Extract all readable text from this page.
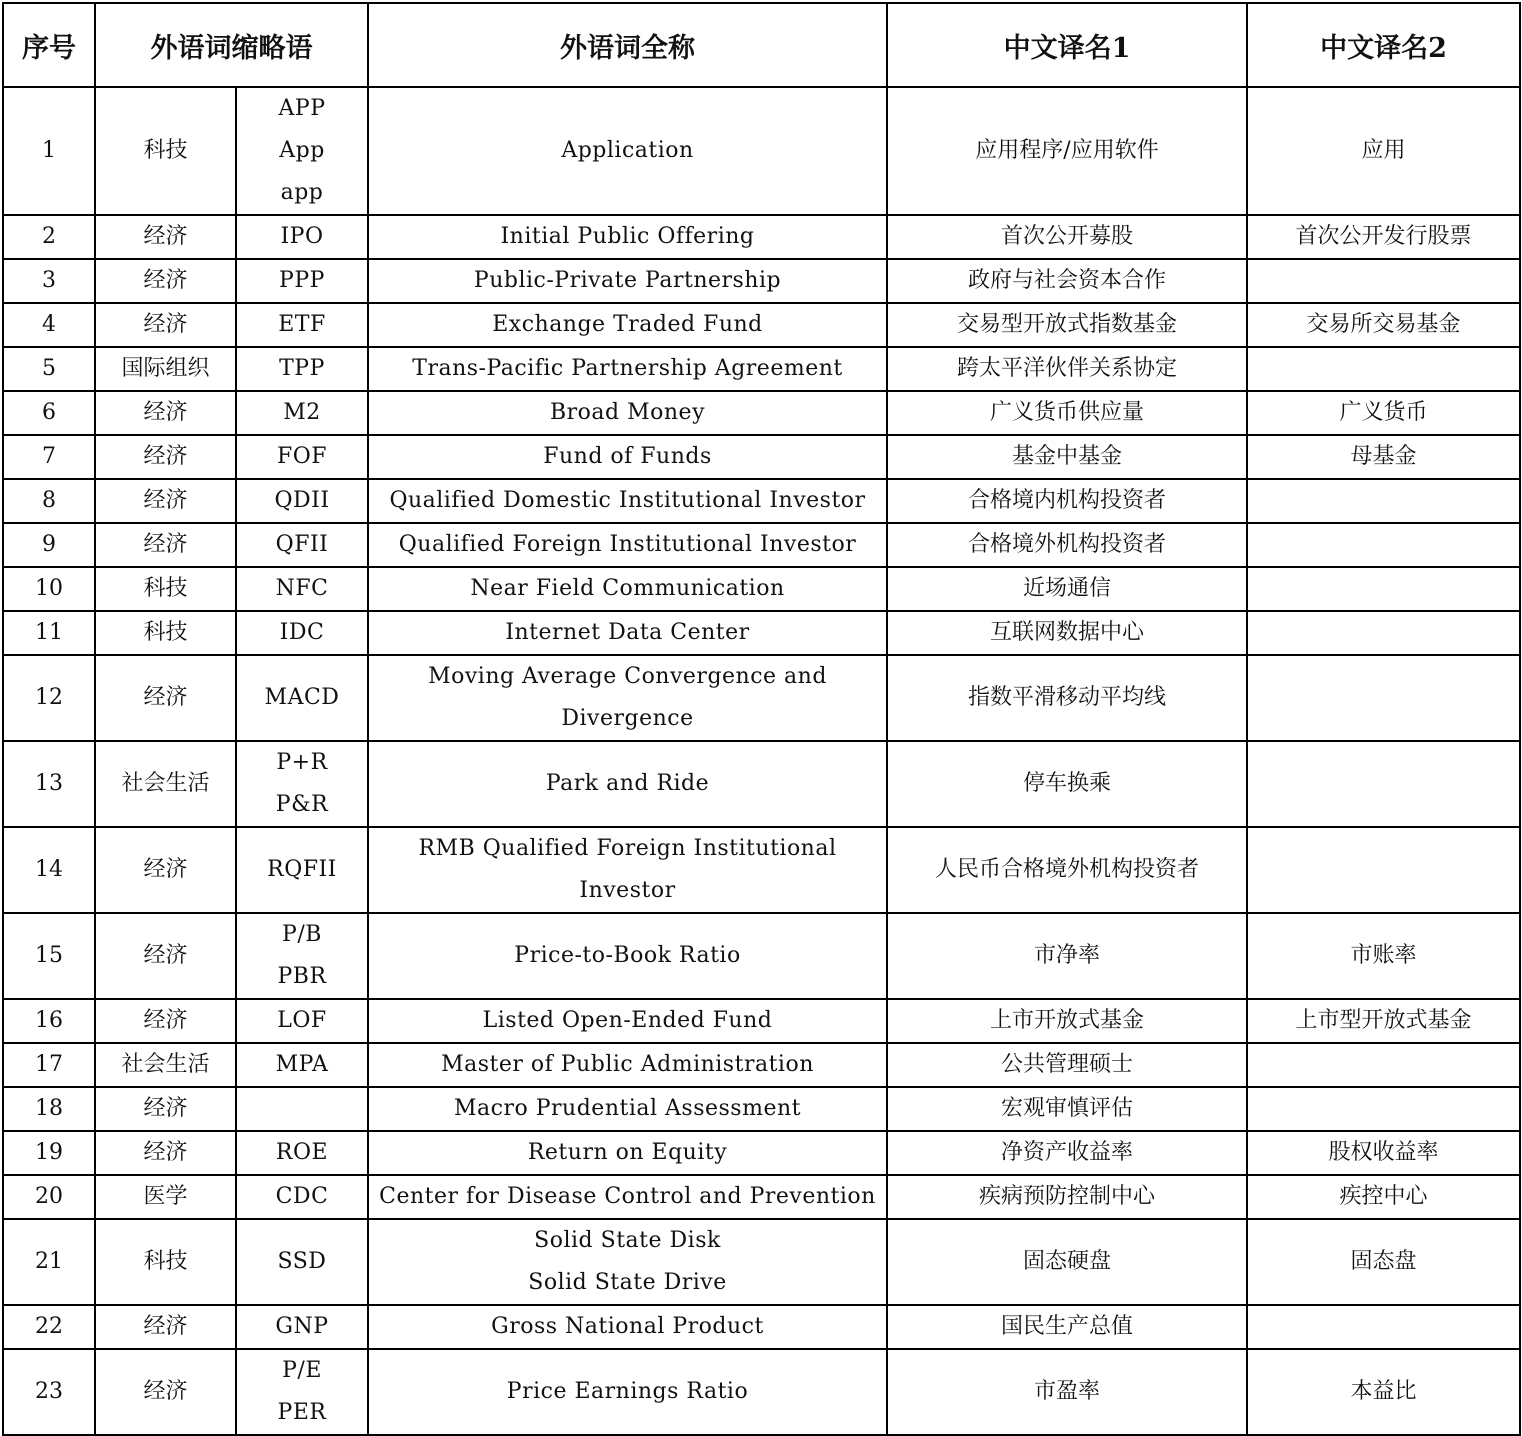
序号	外语词缩略语		外语词全称	中文译名1	中文译名2
1	科技	APP
App
app	Application	应用程序/应用软件	应用
2	经济	IPO	Initial Public Offering	首次公开募股	首次公开发行股票
3	经济	PPP	Public-Private Partnership	政府与社会资本合作	
4	经济	ETF	Exchange Traded Fund	交易型开放式指数基金	交易所交易基金
5	国际组织	TPP	Trans-Pacific Partnership Agreement	跨太平洋伙伴关系协定	
6	经济	M2	Broad Money	广义货币供应量	广义货币
7	经济	FOF	Fund of Funds	基金中基金	母基金
8	经济	QDII	Qualified Domestic Institutional Investor	合格境内机构投资者	
9	经济	QFII	Qualified Foreign Institutional Investor	合格境外机构投资者	
10	科技	NFC	Near Field Communication	近场通信	
11	科技	IDC	Internet Data Center	互联网数据中心	
12	经济	MACD	Moving Average Convergence and
Divergence	指数平滑移动平均线	
13	社会生活	P+R
P&R	Park and Ride	停车换乘	
14	经济	RQFII	RMB Qualified Foreign Institutional
Investor	人民币合格境外机构投资者	
15	经济	P/B
PBR	Price-to-Book Ratio	市净率	市账率
16	经济	LOF	Listed Open-Ended Fund	上市开放式基金	上市型开放式基金
17	社会生活	MPA	Master of Public Administration	公共管理硕士	
18	经济		Macro Prudential Assessment	宏观审慎评估	
19	经济	ROE	Return on Equity	净资产收益率	股权收益率
20	医学	CDC	Center for Disease Control and Prevention	疾病预防控制中心	疾控中心
21	科技	SSD	Solid State Disk
Solid State Drive	固态硬盘	固态盘
22	经济	GNP	Gross National Product	国民生产总值	
23	经济	P/E
PER	Price Earnings Ratio	市盈率	本益比
